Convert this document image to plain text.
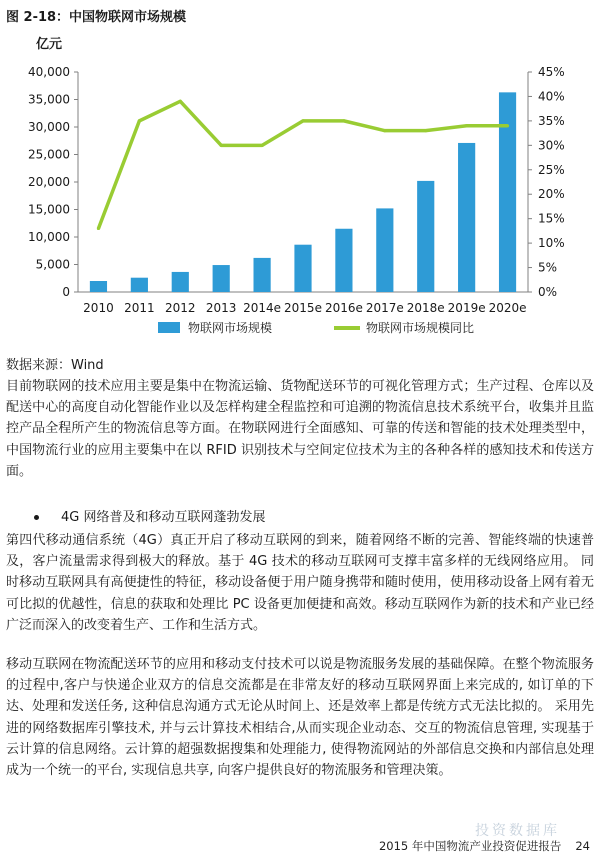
图 2-18：中国物联网市场规模
亿元
0
5,000
10,000
15,000
20,000
25,000
30,000
35,000
40,000
0%
5%
10%
15%
20%
25%
30%
35%
40%
45%
2010 2011 2012 2013 2014e 2015e 2016e 2017e 2018e 2019e 2020e
物联网市场规模	物联网市场规模同比
数据来源：Wind

目前物联网的技术应用主要是集中在物流运输、货物配送环节的可视化管理方式；生产过程、仓库以及配送中心的高度自动化智能作业以及怎样构建全程监控和可追溯的物流信息技术系统平台，收集并且监控产品全程所产生的物流信息等方面。在物联网进行全面感知、可靠的传送和智能的技术处理类型中，中国物流行业的应用主要集中在以 RFID 识别技术与空间定位技术为主的各种各样的感知技术和传送方面。

4G 网络普及和移动互联网蓬勃发展

第四代移动通信系统（4G）真正开启了移动互联网的到来，随着网络不断的完善、智能终端的快速普及，客户流量需求得到极大的释放。基于 4G 技术的移动互联网可支撑丰富多样的无线网络应用。 同时移动互联网具有高便捷性的特征，移动设备便于用户随身携带和随时使用，使用移动设备上网有着无可比拟的优越性，信息的获取和处理比 PC 设备更加便捷和高效。移动互联网作为新的技术和产业已经广泛而深入的改变着生产、工作和生活方式。

移动互联网在物流配送环节的应用和移动支付技术可以说是物流服务发展的基础保障。在整个物流服务的过程中,客户与快递企业双方的信息交流都是在非常友好的移动互联网界面上来完成的, 如订单的下达、处理和发送任务, 这种信息沟通方式无论从时间上、还是效率上都是传统方式无法比拟的。 采用先进的网络数据库引擎技术, 并与云计算技术相结合,从而实现企业动态、交互的物流信息管理, 实现基于云计算的信息网络。云计算的超强数据搜集和处理能力, 使得物流网站的外部信息交换和内部信息处理成为一个统一的平台, 实现信息共享, 向客户提供良好的物流服务和管理决策。

投资数据库
2015 年中国物流产业投资促进报告 24
